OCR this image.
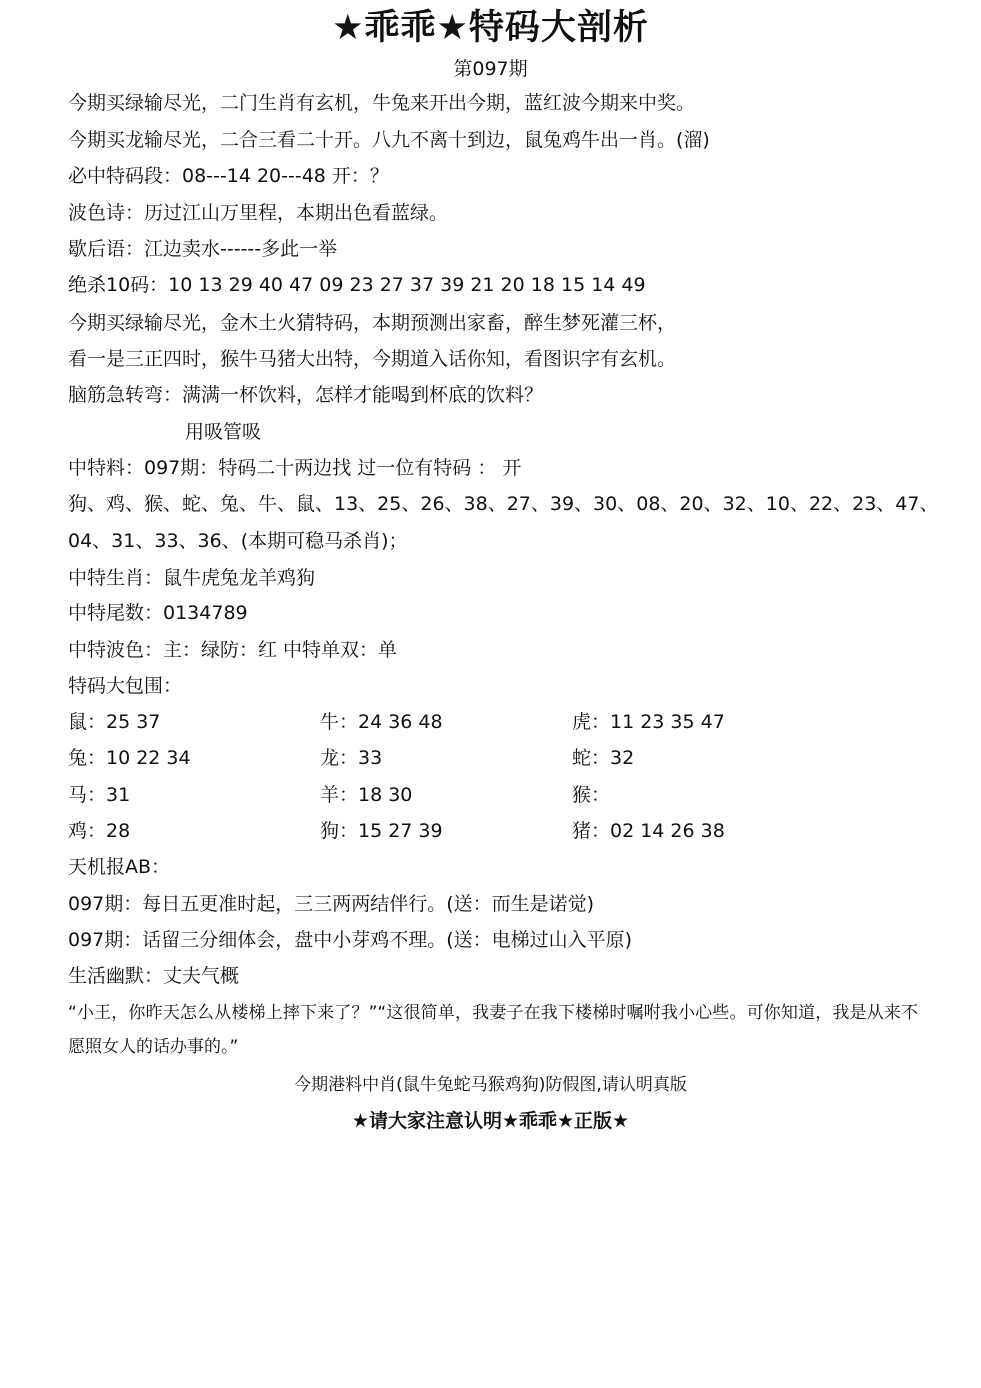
★乖乖★特码大剖析
第097期
今期买绿输尽光，二门生肖有玄机，牛兔来开出今期，蓝红波今期来中奖。
今期买龙输尽光，二合三看二十开。八九不离十到边，鼠兔鸡牛出一肖。(溜)
必中特码段：08---14 20---48 开：？
波色诗：历过江山万里程，本期出色看蓝绿。
歇后语：江边卖水------多此一举
绝杀10码：10 13 29 40 47 09 23 27 37 39 21 20 18 15 14 49
今期买绿输尽光，金木土火猜特码，本期预测出家畜，醉生梦死灌三杯，
看一是三正四时，猴牛马猪大出特，今期道入话你知，看图识字有玄机。
脑筋急转弯：满满一杯饮料，怎样才能喝到杯底的饮料？
用吸管吸
中特料：097期：特码二十两边找 过一位有特码 ： 开
狗、鸡、猴、蛇、兔、牛、鼠、13、25、26、38、27、39、30、08、20、32、10、22、23、47、
04、31、33、36、(本期可稳马杀肖)；
中特生肖：鼠牛虎兔龙羊鸡狗
中特尾数：0134789
中特波色：主：绿防：红 中特单双：单
特码大包围：
鼠：25 37	牛：24 36 48	虎：11 23 35 47
兔：10 22 34	龙：33	蛇：32
马：31	羊：18 30	猴：
鸡：28	狗：15 27 39	猪：02 14 26 38
天机报AB：
097期：每日五更准时起，三三两两结伴行。(送：而生是诺觉)
097期：话留三分细体会，盘中小芽鸡不理。(送：电梯过山入平原)
生活幽默：丈夫气概
“小王，你昨天怎么从楼梯上摔下来了？”“这很简单，我妻子在我下楼梯时嘱咐我小心些。可你知道，我是从来不愿照女人的话办事的。”
今期港料中肖(鼠牛兔蛇马猴鸡狗)防假图,请认明真版
★请大家注意认明★乖乖★正版★
